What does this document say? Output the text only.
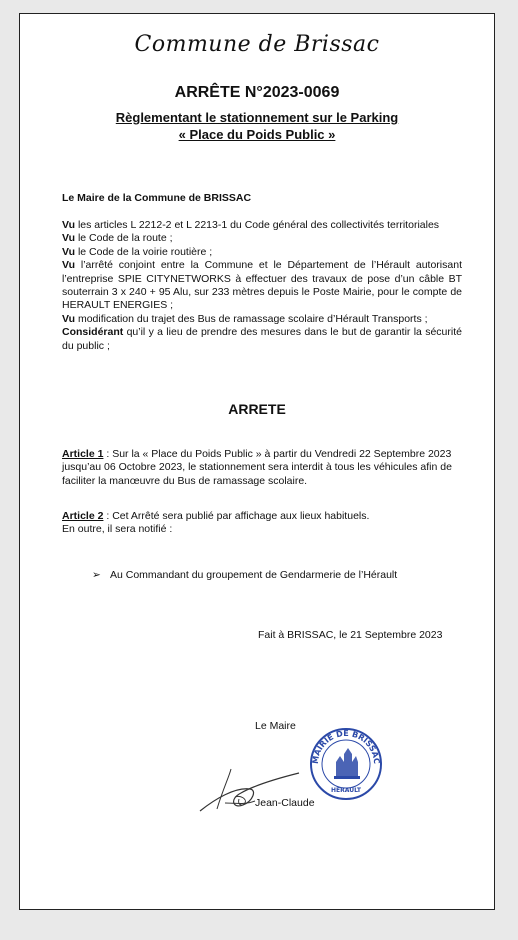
Commune de Brissac
ARRÊTE N°2023-0069
Règlementant le stationnement sur le Parking
« Place du Poids Public »
Le Maire de la Commune de BRISSAC

Vu les articles L 2212-2 et L 2213-1 du Code général des collectivités territoriales

Vu le Code de la route ;

Vu le Code de la voirie routière ;

Vu l’arrêté conjoint entre la Commune et le Département de l’Hérault autorisant l’entreprise SPIE CITYNETWORKS à effectuer des travaux de pose d’un câble BT souterrain 3 x 240 + 95 Alu, sur 233 mètres depuis le Poste Mairie, pour le compte de HERAULT ENERGIES ;

Vu modification du trajet des Bus de ramassage scolaire d’Hérault Transports ;

Considérant qu’il y a lieu de prendre des mesures dans le but de garantir la sécurité du public ;

ARRETE
Article 1 : Sur la « Place du Poids Public » à partir du Vendredi 22 Septembre 2023 jusqu’au 06 Octobre 2023, le stationnement sera interdit à tous les véhicules afin de faciliter la manœuvre du Bus de ramassage scolaire.
Article 2 : Cet Arrêté sera publié par affichage aux lieux habituels.
En outre, il sera notifié :
➢ Au Commandant du groupement de Gendarmerie de l’Hérault
Fait à BRISSAC, le 21 Septembre 2023
Le Maire
MAIRIE DE BRISSAC
HERAULT
Jean-Claude
